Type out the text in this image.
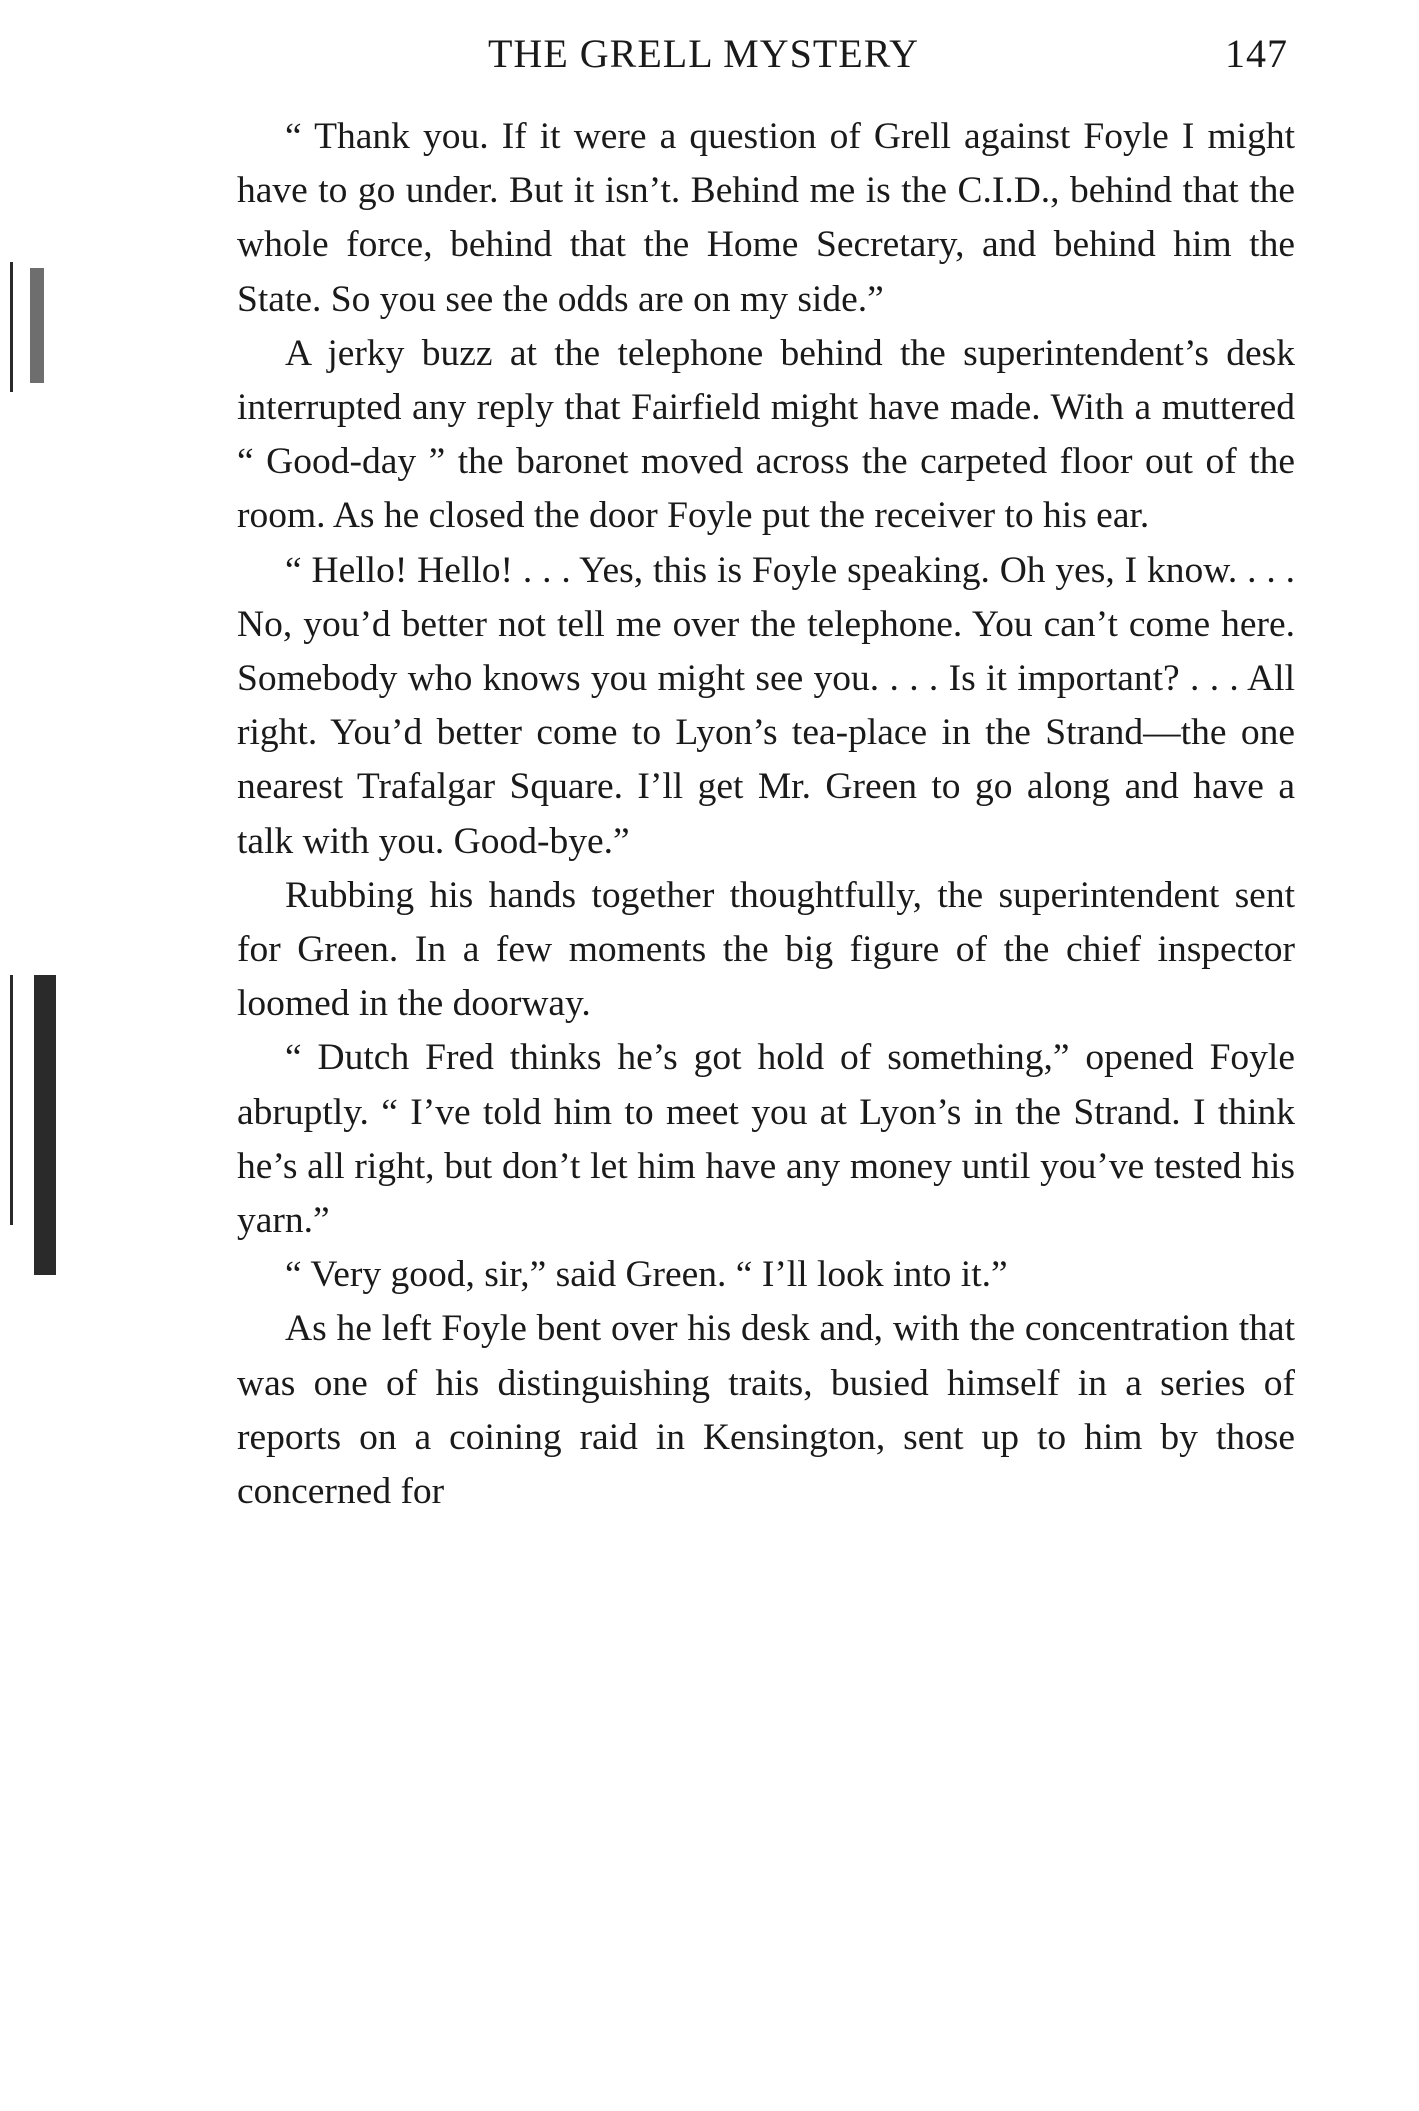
THE GRELL MYSTERY	147

“ Thank you. If it were a question of Grell against Foyle I might have to go under. But it isn’t. Behind me is the C.I.D., behind that the whole force, behind that the Home Secretary, and behind him the State. So you see the odds are on my side.”

A jerky buzz at the telephone behind the superintendent’s desk interrupted any reply that Fairfield might have made. With a muttered “ Good-day ” the baronet moved across the carpeted floor out of the room. As he closed the door Foyle put the receiver to his ear.

“ Hello! Hello! . . . Yes, this is Foyle speaking. Oh yes, I know. . . . No, you’d better not tell me over the telephone. You can’t come here. Somebody who knows you might see you. . . . Is it important? . . . All right. You’d better come to Lyon’s tea-place in the Strand—the one nearest Trafalgar Square. I’ll get Mr. Green to go along and have a talk with you. Good-bye.”

Rubbing his hands together thoughtfully, the superintendent sent for Green. In a few moments the big figure of the chief inspector loomed in the doorway.

“ Dutch Fred thinks he’s got hold of something,” opened Foyle abruptly. “ I’ve told him to meet you at Lyon’s in the Strand. I think he’s all right, but don’t let him have any money until you’ve tested his yarn.”

“ Very good, sir,” said Green. “ I’ll look into it.”

As he left Foyle bent over his desk and, with the concentration that was one of his distinguishing traits, busied himself in a series of reports on a coining raid in Kensington, sent up to him by those concerned for
